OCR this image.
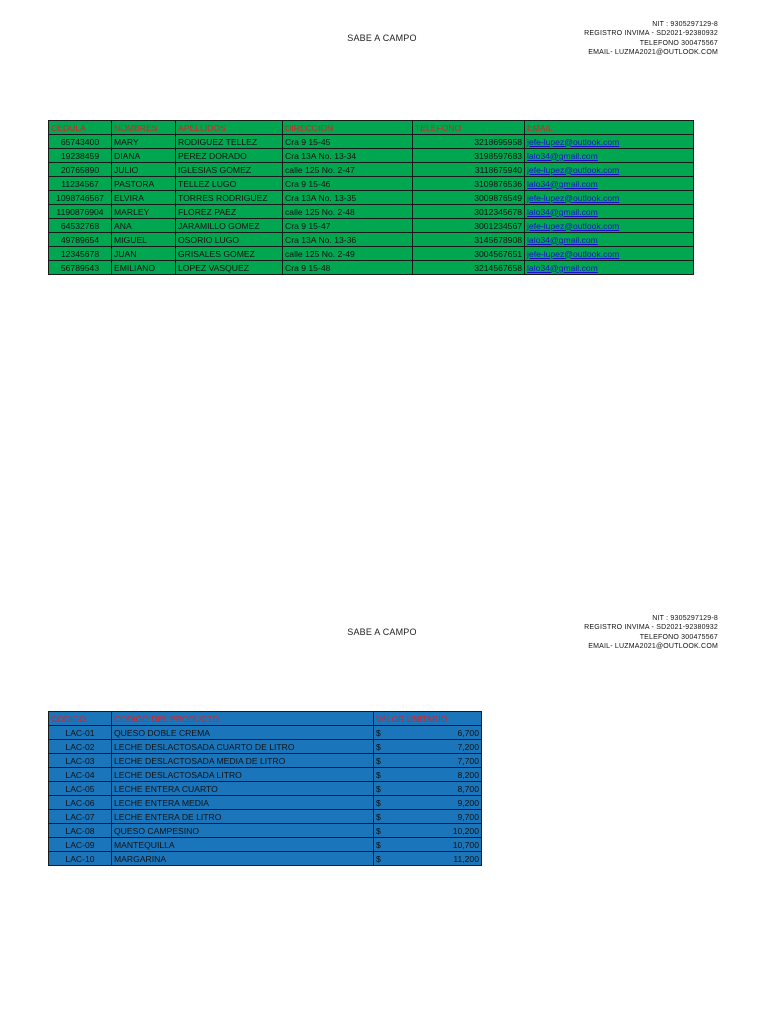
SABE A CAMPO
NIT : 9305297129-8
REGISTRO INVIMA - SD2021-92380932
TELEFONO 300475567
EMAIL- LUZMA2021@OUTLOOK.COM
CEDULA	NOMBRES	APELLIDOS	DIRECCION	TELEFONO	EMAIL
65743400	MARY	RODIGUEZ TELLEZ	Cra 9 15-45	3218695958	jefe-lupez@outlook.com
19238459	DIANA	PEREZ DORADO	Cra 13A No. 13-34	3198597683	lalo34@gmail.com
20765890	JULIO	IGLESIAS GOMEZ	calle 125 No. 2-47	3118675940	jefe-lupez@outlook.com
11234567	PASTORA	TELLEZ LUGO	Cra 9 15-46	3109876536	lalo34@gmail.com
1098746567	ELVIRA	TORRES RODRIGUEZ	Cra 13A No. 13-35	3009876549	jefe-lupez@outlook.com
1190876904	MARLEY	FLOREZ PAEZ	calle 125 No. 2-48	3012345678	lalo34@gmail.com
64532768	ANA	JARAMILLO GOMEZ	Cra 9 15-47	3001234567	jefe-lupez@outlook.com
49789654	MIGUEL	OSORIO LUGO	Cra 13A No. 13-36	3145678908	lalo34@gmail.com
12345678	JUAN	GRISALES GOMEZ	calle 125 No. 2-49	3004567651	jefe-lupez@outlook.com
56789543	EMILIANO	LOPEZ VASQUEZ	Cra 9 15-48	3214567658	lalo34@gmail.com
SABE A CAMPO
NIT : 9305297129-8
REGISTRO INVIMA - SD2021-92380932
TELEFONO 300475567
EMAIL- LUZMA2021@OUTLOOK.COM
CODIGO	CODIGO DEL PRODUCTO	VALOR UNITARIO
LAC-01	QUESO DOBLE CREMA	$ 6,700

LAC-02	LECHE DESLACTOSADA CUARTO DE LITRO	$ 7,200

LAC-03	LECHE DESLACTOSADA MEDIA DE LITRO	$ 7,700

LAC-04	LECHE DESLACTOSADA LITRO	$ 8,200

LAC-05	LECHE ENTERA CUARTO	$ 8,700

LAC-06	LECHE ENTERA MEDIA	$ 9,200

LAC-07	LECHE ENTERA DE LITRO	$ 9,700

LAC-08	QUESO CAMPESINO	$ 10,200

LAC-09	MANTEQUILLA	$ 10,700

LAC-10	MARGARINA	$ 11,200
